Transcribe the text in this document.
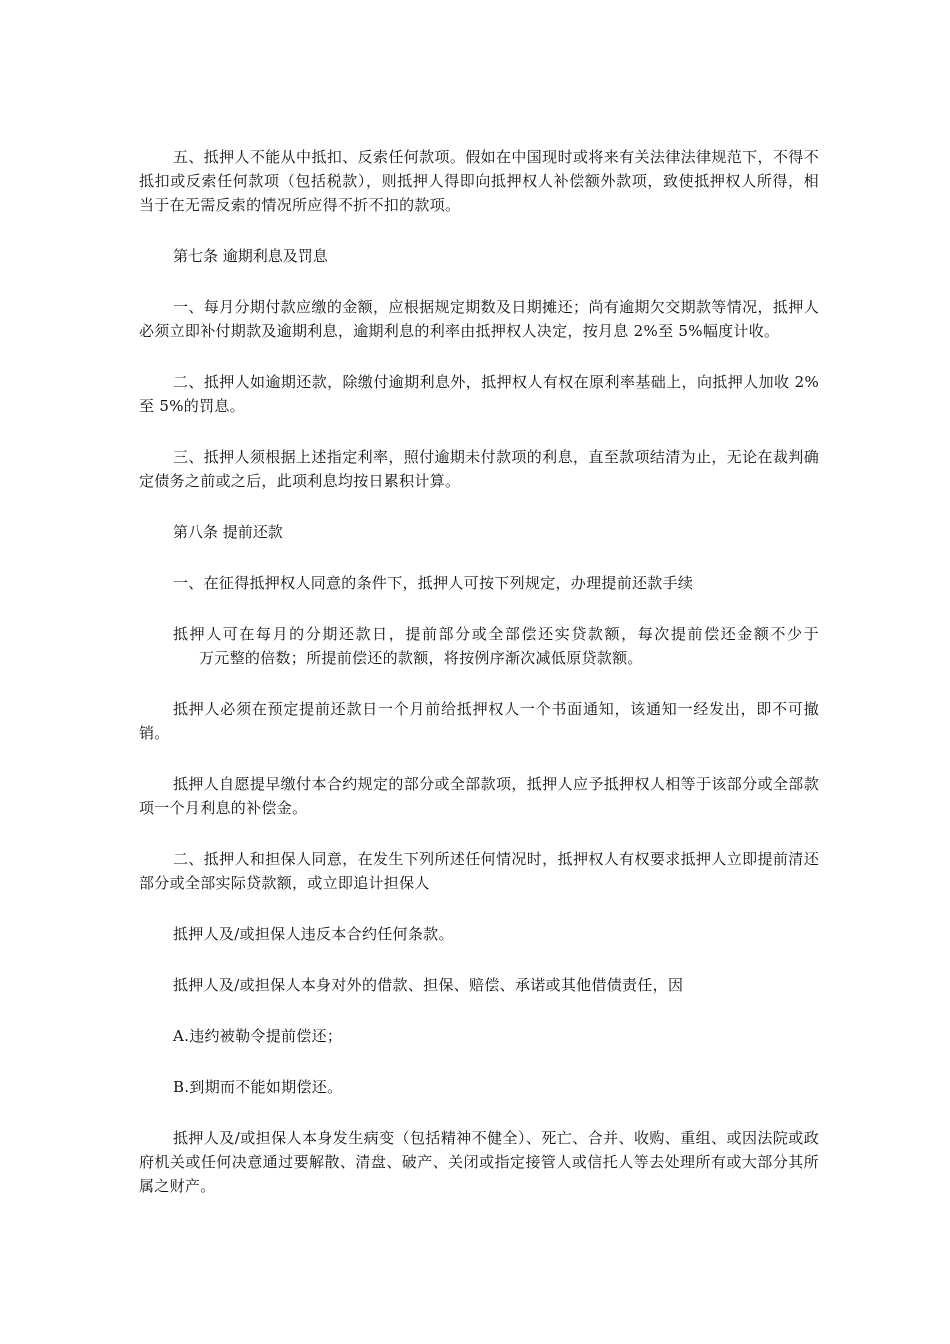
五、抵押人不能从中抵扣、反索任何款项。假如在中国现时或将来有关法律法律规范下，不得不抵扣或反索任何款项（包括税款），则抵押人得即向抵押权人补偿额外款项，致使抵押权人所得，相当于在无需反索的情况所应得不折不扣的款项。

第七条 逾期利息及罚息

一、每月分期付款应缴的金额，应根据规定期数及日期摊还；尚有逾期欠交期款等情况，抵押人必须立即补付期款及逾期利息，逾期利息的利率由抵押权人决定，按月息 2%至 5%幅度计收。

二、抵押人如逾期还款，除缴付逾期利息外，抵押权人有权在原利率基础上，向抵押人加收 2%至 5%的罚息。

三、抵押人须根据上述指定利率，照付逾期未付款项的利息，直至款项结清为止，无论在裁判确定债务之前或之后，此项利息均按日累积计算。

第八条 提前还款

一、在征得抵押权人同意的条件下，抵押人可按下列规定，办理提前还款手续

抵押人可在每月的分期还款日，提前部分或全部偿还实贷款额，每次提前偿还金额不少于万元整的倍数；所提前偿还的款额，将按例序渐次减低原贷款额。

抵押人必须在预定提前还款日一个月前给抵押权人一个书面通知，该通知一经发出，即不可撤销。

抵押人自愿提早缴付本合约规定的部分或全部款项，抵押人应予抵押权人相等于该部分或全部款项一个月利息的补偿金。

二、抵押人和担保人同意，在发生下列所述任何情况时，抵押权人有权要求抵押人立即提前清还部分或全部实际贷款额，或立即追计担保人

抵押人及/或担保人违反本合约任何条款。

抵押人及/或担保人本身对外的借款、担保、赔偿、承诺或其他借债责任，因

A.违约被勒令提前偿还；

B.到期而不能如期偿还。

抵押人及/或担保人本身发生病变（包括精神不健全）、死亡、合并、收购、重组、或因法院或政府机关或任何决意通过要解散、清盘、破产、关闭或指定接管人或信托人等去处理所有或大部分其所属之财产。
